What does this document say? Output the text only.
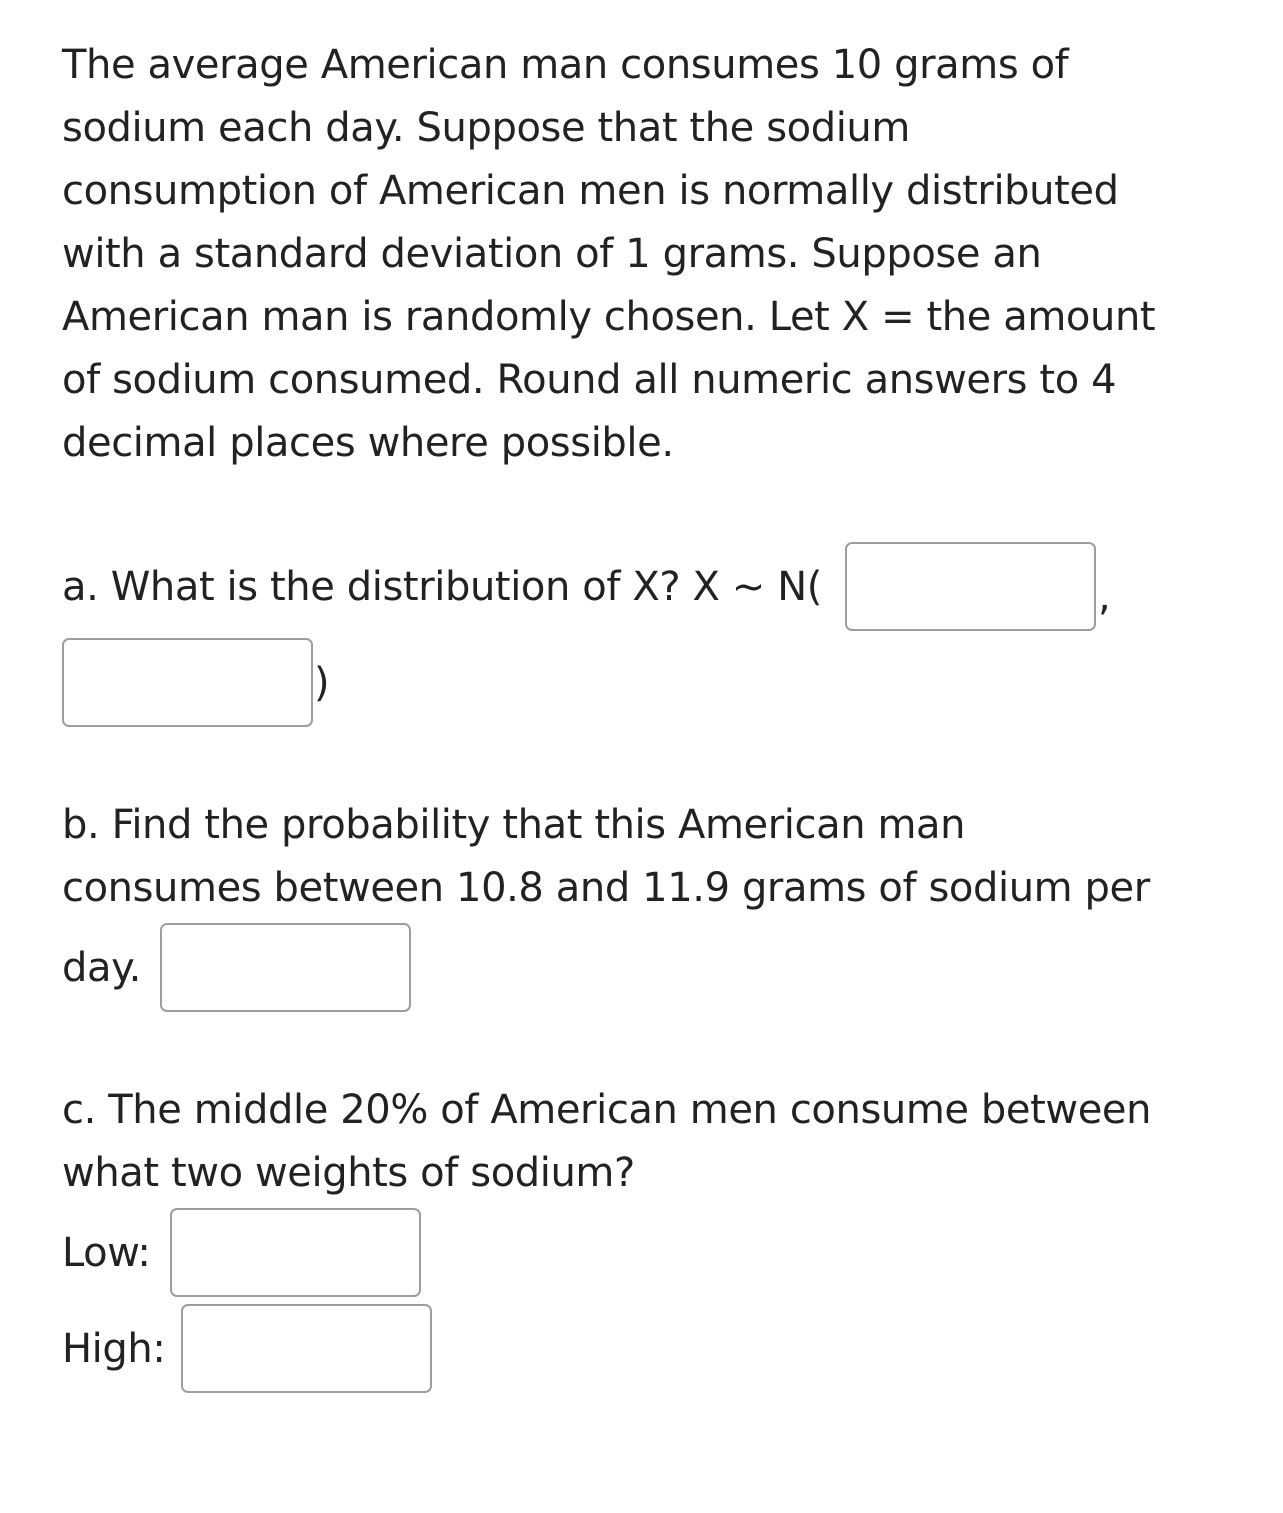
The average American man consumes 10 grams of
sodium each day. Suppose that the sodium
consumption of American men is normally distributed
with a standard deviation of 1 grams. Suppose an
American man is randomly chosen. Let X = the amount
of sodium consumed. Round all numeric answers to 4
decimal places where possible.
a. What is the distribution of X? X ~ N(	,
)
b. Find the probability that this American man
consumes between 10.8 and 11.9 grams of sodium per
day.
c. The middle 20% of American men consume between
what two weights of sodium?
Low:
High:
